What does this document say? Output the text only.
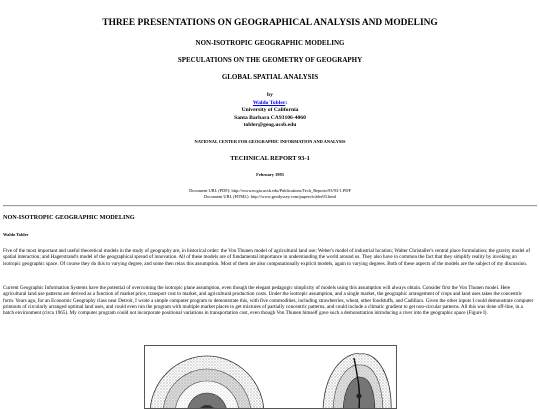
THREE PRESENTATIONS ON GEOGRAPHICAL ANALYSIS AND MODELING
NON-ISOTROPIC GEOGRAPHIC MODELING
SPECULATIONS ON THE GEOMETRY OF GEOGRAPHY
GLOBAL SPATIAL ANALYSIS
by
Waldo Tobler:
University of California
Santa Barbara CA93106-4060
tobler@geog.ucsb.edu
NATIONAL CENTER FOR GEOGRAPHIC INFORMATION AND ANALYSIS
TECHNICAL REPORT 93-1
February 1993
Document URL (PDF): http://www.ncgia.ucsb.edu/Publications/Tech_Reports/93/93-1.PDF
Document URL (HTML): http://www.geodyssey.com/papers/tobler93.html
NON-ISOTROPIC GEOGRAPHIC MODELING
Waldo Tobler
Five of the most important and useful theoretical models in the study of geography are, in historical order: the Von Thunen model of agricultural land use; Weber's model of industrial location; Walter Christaller's central place formulation; the gravity model of spatial interaction; and Hagerstrand's model of the geographical spread of innovation. All of these models are of fundamental importance in understanding the world around us. They also have in common the fact that they simplify reality by invoking an isotropic geographic space. Of course they do this to varying degree, and some then relax this assumption. Most of them are also computationally explicit models, again to varying degrees. Both of these aspects of the models are the subject of my discussion.
Current Geographic Information Systems have the potential of overcoming the isotropic plane assumption, even though the elegant pedagogic simplicity of models using this assumption will always obtain. Consider first the Von Thunen model. Here agricultural land use patterns are derived as a function of market price, transport cost to market, and agricultural production costs. Under the isotropic assumption, and a single market, the geographic arrangement of crops and land uses takes the concentric form. Years ago, for an Economic Geography class near Detroit, I wrote a simple computer program to demonstrate this, with five commodities, including strawberries, wheat, other foodstuffs, and Cadillacs. Given the other inputs I could demonstrate computer printouts of circularly arranged optimal land uses, and could even run the program with multiple market places to get mixtures of partially concentric patterns, and could include a climatic gradient to get non-circular patterns. All this was done off-line, in a batch environment (circa 1965). My computer program could not incorporate positional variations in transportation cost, even though Von Thunen himself gave such a demonstration introducing a river into the geographic space (Figure I).
